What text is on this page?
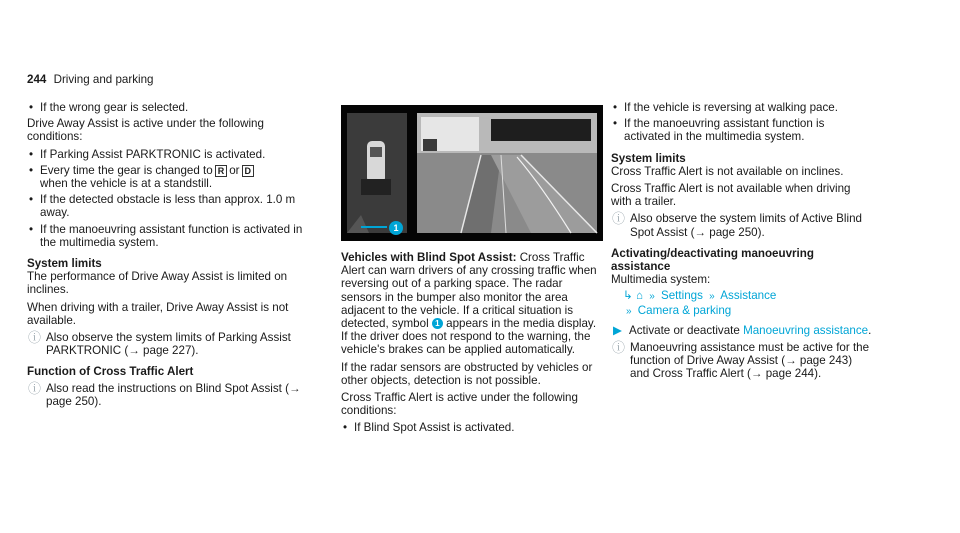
244 Driving and parking
• If the wrong gear is selected.

Drive Away Assist is active under the following conditions:

• If Parking Assist PARKTRONIC is activated.
• Every time the gear is changed to R or D
when the vehicle is at a standstill.
• If the detected obstacle is less than approx. 1.0 m away.
• If the manoeuvring assistant function is activated in the multimedia system.
System limits

The performance of Drive Away Assist is limited on inclines.

When driving with a trailer, Drive Away Assist is not available.

ⓘ Also observe the system limits of Parking Assist PARKTRONIC (→ page 227).
Function of Cross Traffic Alert
ⓘ Also read the instructions on Blind Spot Assist (→ page 250).
1

Vehicles with Blind Spot Assist: Cross Traffic Alert can warn drivers of any crossing traffic when reversing out of a parking space. The radar sensors in the bumper also monitor the area adjacent to the vehicle. If a critical situation is detected, symbol 1 appears in the media display. If the driver does not respond to the warning, the vehicle's brakes can be applied automatically.

If the radar sensors are obstructed by vehicles or other objects, detection is not possible.

Cross Traffic Alert is active under the following conditions:

• If Blind Spot Assist is activated.
• If the vehicle is reversing at walking pace.
• If the manoeuvring assistant function is activated in the multimedia system.
System limits

Cross Traffic Alert is not available on inclines.

Cross Traffic Alert is not available when driving with a trailer.

ⓘ Also observe the system limits of Active Blind Spot Assist (→ page 250).
Activating/deactivating manoeuvring assistance

Multimedia system:

↳ ⌂ » Settings » Assistance
» Camera & parking
▶ Activate or deactivate Manoeuvring assistance.
ⓘ Manoeuvring assistance must be active for the function of Drive Away Assist (→ page 243) and Cross Traffic Alert (→ page 244).
